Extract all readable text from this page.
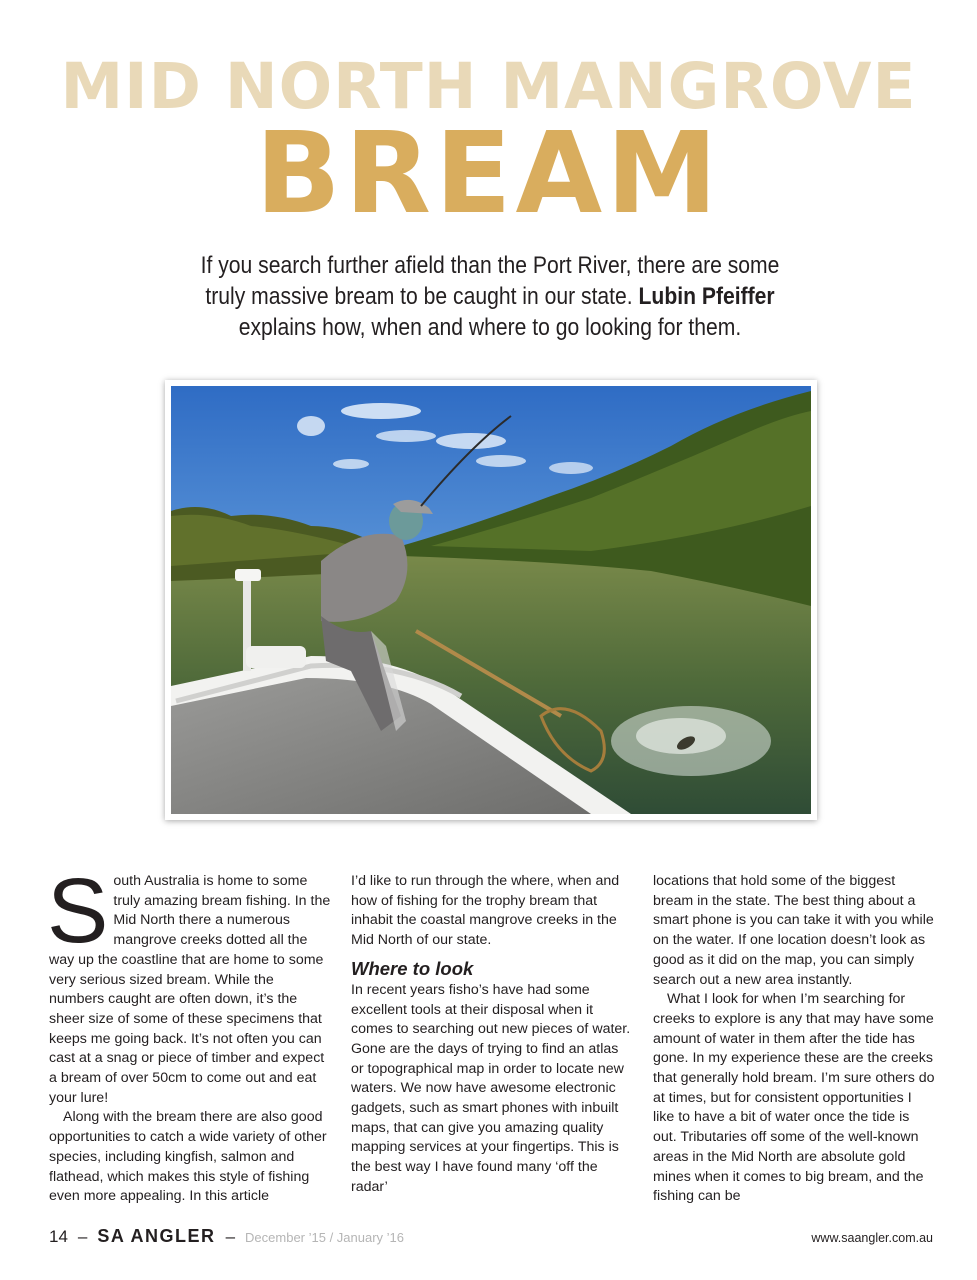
MID NORTH MANGROVE
BREAM
If you search further afield than the Port River, there are some truly massive bream to be caught in our state. Lubin Pfeiffer explains how, when and where to go looking for them.

South Australia is home to some truly amazing bream fishing. In the Mid North there a numerous mangrove creeks dotted all the way up the coastline that are home to some very serious sized bream. While the numbers caught are often down, it’s the sheer size of some of these specimens that keeps me going back. It’s not often you can cast at a snag or piece of timber and expect a bream of over 50cm to come out and eat your lure!

Along with the bream there are also good opportunities to catch a wide variety of other species, including kingfish, salmon and flathead, which makes this style of fishing even more appealing. In this article

I’d like to run through the where, when and how of fishing for the trophy bream that inhabit the coastal mangrove creeks in the Mid North of our state.

Where to look

In recent years fisho’s have had some excellent tools at their disposal when it comes to searching out new pieces of water. Gone are the days of trying to find an atlas or topographical map in order to locate new waters. We now have awesome electronic gadgets, such as smart phones with inbuilt maps, that can give you amazing quality mapping services at your fingertips. This is the best way I have found many ‘off the radar’

locations that hold some of the biggest bream in the state. The best thing about a smart phone is you can take it with you while on the water. If one location doesn’t look as good as it did on the map, you can simply search out a new area instantly.

What I look for when I’m searching for creeks to explore is any that may have some amount of water in them after the tide has gone. In my experience these are the creeks that generally hold bream. I’m sure others do at times, but for consistent opportunities I like to have a bit of water once the tide is out. Tributaries off some of the well-known areas in the Mid North are absolute gold mines when it comes to big bream, and the fishing can be

14 – SA ANGLER – December ’15 / January ’16	www.saangler.com.au
